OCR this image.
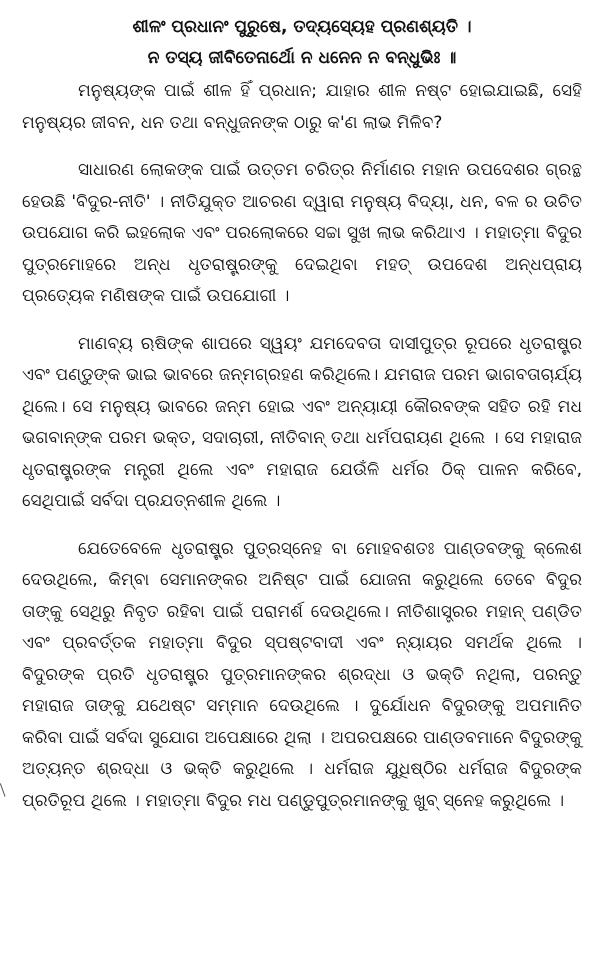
ଶୀଳଂ ପ୍ରଧାନଂ ପୁରୁଷେ, ତଦ୍ୟସ୍ୟେହ ପ୍ରଣଶ୍ୟତି ।

ନ ତସ୍ୟ ଜୀବିତେ‌ନାର୍ଥୋ ନ ଧନେନ ନ ବନ୍ଧୁଭିଃ ॥

ମନୁଷ୍ୟଙ୍କ ପାଇଁ ଶୀଳ ହିଁ ପ୍ରଧାନ; ଯାହାର ଶୀଳ ନଷ୍ଟ ହୋଇଯାଇଛି, ସେହି ମନୁଷ୍ୟର ଜୀବନ, ଧନ ତଥା ବନ୍ଧୁଜନଙ୍କ ଠାରୁ କ'ଣ ଲାଭ ମିଳିବ?

ସାଧାରଣ ଲୋକଙ୍କ ପାଇଁ ଉତ୍ତମ ଚରିତ୍ର ନିର୍ମାଣର ମହାନ ଉପଦେଶର ଗ୍ରନ୍ଥ ହେଉଛି 'ବିଦୁର-ନୀତି' । ନୀତିଯୁକ୍ତ ଆଚରଣ ଦ୍ୱାରା ମନୁଷ୍ୟ ବିଦ୍ୟା, ଧନ, ବଳ ର ଉଚିତ ଉପଯୋଗ କରି ଇହଲୋକ ଏବଂ ପରଲୋକରେ ସଚ୍ଚା ସୁଖ ଲାଭ କରିଥାଏ । ମହାତ୍ମା ବିଦୁର ପୁତ୍ରମୋହରେ ଅନ୍ଧ ଧୃତରାଷ୍ଟ୍ରଙ୍କୁ ଦେଇଥିବା ମହତ୍ ଉପଦେଶ ଅନ୍ଧପ୍ରାୟ ପ୍ରତ୍ୟେକ ମଣିଷଙ୍କ ପାଇଁ ଉପଯୋଗୀ ।

ମାଣବ୍ୟ ଋଷିଙ୍କ ଶାପରେ ସ୍ୱୟଂ ଯମଦେବତା ଦାସୀପୁତ୍ର ରୂପରେ ଧୃତରାଷ୍ଟ୍ର ଏବଂ ପଣ୍ଡୁଙ୍କ ଭାଇ ଭାବରେ ଜନ୍ମଗ୍ରହଣ କରିଥିଲେ। ଯମରାଜ ପରମ ଭାଗବତାଚାର୍ଯ୍ୟ ଥିଲେ। ସେ ମନୁଷ୍ୟ ଭାବରେ ଜନ୍ମ ହୋଇ ଏବଂ ଅନ୍ୟାୟୀ କୌରବଙ୍କ ସହିତ ରହି ମଧ ଭଗବାନ୍‌ଙ୍କ ପରମ ଭକ୍ତ, ସଦାଚାରୀ, ନୀତିବାନ୍ ତଥା ଧର୍ମପରାୟଣ ଥିଲେ । ସେ ମହାରାଜ ଧୃତରାଷ୍ଟ୍ରଙ୍କ ମନ୍ତ୍ରୀ ଥିଲେ ଏବଂ ମହାରାଜ ଯେଉଁଳି ଧର୍ମର ଠିକ୍ ପାଳନ କରିବେ, ସେଥିପାଇଁ ସର୍ବଦା ପ୍ରଯତ୍ନଶୀଳ ଥିଲେ ।

ଯେତେବେଳେ ଧୃତରାଷ୍ଟ୍ର ପୁତ୍ରସ୍ନେହ ବା ମୋହବଶତଃ ପାଣ୍ଡବଙ୍କୁ କ୍ଲେଶ ଦେଉଥିଲେ, କିମ୍ବା ସେମାନଙ୍କର ଅନିଷ୍ଟ ପାଇଁ ଯୋଜନା କରୁଥିଲେ ତେବେ ବିଦୁର ତାଙ୍କୁ ସେଥିରୁ ନିବୃତ ରହିବା ପାଇଁ ପରାମର୍ଶ ଦେଉଥିଲେ। ନୀତିଶାସ୍ତ୍ରର ମହାନ୍ ପଣ୍ଡିତ ଏବଂ ପ୍ରବର୍ତ୍ତକ ମହାତ୍ମା ବିଦୁର ସ୍ପଷ୍ଟବାଦୀ ଏବଂ ନ୍ୟାୟର ସମର୍ଥକ ଥିଲେ । ବିଦୁରଙ୍କ ପ୍ରତି ଧୃତରାଷ୍ଟ୍ର ପୁତ୍ରମାନଙ୍କର ଶ୍ରଦ୍ଧା ଓ ଭକ୍ତି ନଥିଲା, ପରନ୍ତୁ ମହାରାଜ ତାଙ୍କୁ ଯଥେଷ୍ଟ ସମ୍ମାନ ଦେଉଥିଲେ । ଦୁର୍ଯୋଧନ ବିଦୁରଙ୍କୁ ଅପମାନିତ କରିବା ପାଇଁ ସର୍ବଦା ସୁଯୋଗ ଅପେକ୍ଷାରେ ଥିଲା । ଅପରପକ୍ଷରେ ପାଣ୍ଡବମାନେ ବିଦୁରଙ୍କୁ ଅତ୍ୟନ୍ତ ଶ୍ରଦ୍ଧା ଓ ଭକ୍ତି କରୁଥିଲେ । ଧର୍ମରାଜ ଯୁଧିଷ୍ଠିର ଧର୍ମରାଜ ବିଦୁରଙ୍କ ପ୍ରତିରୂପ ଥିଲେ । ମହାତ୍ମା ବିଦୁର ମଧ ପଣ୍ଡୁପୁତ୍ରମାନଙ୍କୁ ଖୁବ୍ ସ୍ନେହ କରୁଥିଲେ ।
